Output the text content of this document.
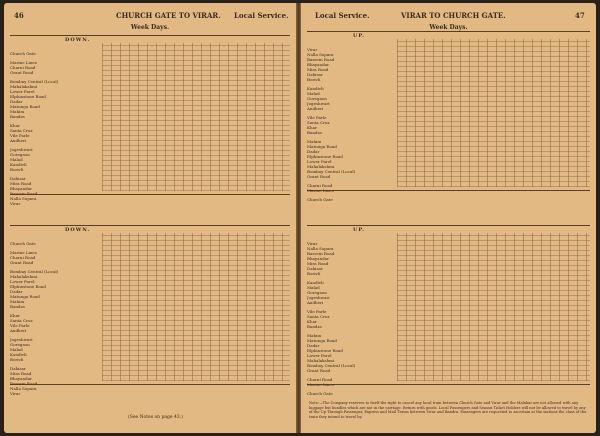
46	CHURCH GATE TO VIRAR. Local Service.
Week Days.
(See Notes on page 43.)
DOWN.
Church Gate
Marine Lines
Charni Road
Grant Road
Bombay Central (Local)
Mahalakshmi
Lower Parel
Elphinstone Road
Dadar
Matunga Road
Mahim
Bandra
Khar
Santa Cruz
Vile Parle
Andheri
Jogeshwari
Goregaon
Malad
Kandivli
Borivli
Dahisar
Mira Road
Bhayandar
Nalla Sopara
Virar
DOWN.
Church Gate
Marine Lines
Charni Road
Grant Road
Bombay Central (Local)
Mahalakshmi
Lower Parel
Elphinstone Road
Dadar
Matunga Road
Mahim
Bandra
Khar
Santa Cruz
Vile Parle
Andheri
Jogeshwari
Goregaon
Malad
Kandivli
Borivli
Dahisar
Mira Road
Bhayandar
Nalla Sopara
Virar
Local Service.	VIRAR TO CHURCH GATE.	47
Week Days.
Note:—The Company reserves to itself the right to cancel any local train between Church Gate and Virar and the Malabar are not allowed with any luggage but bundles which are not in the carriage. Return with goods. Local Passengers and Season Ticket Holders will not be allowed to travel by any of the Up Through Passenger, Express and Mail Trains between Virar and Bandra. Passengers are requested to ascertain at the stations the class of the train they intend to travel by.
UP.
Virar
Nalla Sopara
Bassein Road
Bhayandar
Mira Road
Dahisar
Borivli
Kandivli
Malad
Goregaon
Jogeshwari
Andheri
Vile Parle
Santa Cruz
Khar
Bandra
Mahim
Matunga Road
Dadar
Elphinstone Road
Lower Parel
Mahalakshmi
Bombay Central (Local)
Grant Road
Charni Road
Church Gate
UP.
Virar
Nalla Sopara
Bassein Road
Bhayandar
Mira Road
Dahisar
Borivli
Kandivli
Malad
Goregaon
Jogeshwari
Andheri
Vile Parle
Santa Cruz
Khar
Bandra
Mahim
Matunga Road
Dadar
Elphinstone Road
Lower Parel
Mahalakshmi
Bombay Central (Local)
Grant Road
Charni Road
Church Gate
